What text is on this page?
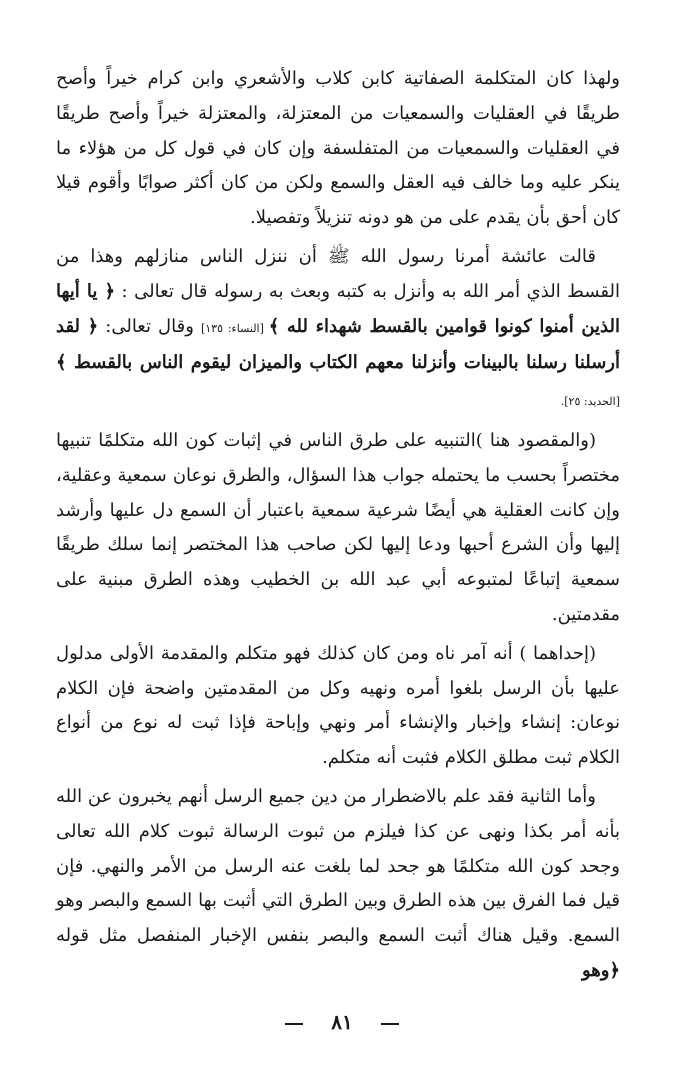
ولهذا كان المتكلمة الصفاتية كابن كلاب والأشعري وابن كرام خيراً وأصح طريقًا في العقليات والسمعيات من المعتزلة، والمعتزلة خيراً وأصح طريقًا في العقليات والسمعيات من المتفلسفة وإن كان في قول كل من هؤلاء ما ينكر عليه وما خالف فيه العقل والسمع ولكن من كان أكثر صوابًا وأقوم قيلا كان أحق بأن يقدم على من هو دونه تنزيلاً وتفصيلا.

قالت عائشة أمرنا رسول الله ﷺ أن ننزل الناس منازلهم وهذا من القسط الذي أمر الله به وأنزل به كتبه وبعث به رسوله قال تعالى : ﴿ يا أيها الذين أمنوا كونوا قوامين بالقسط شهداء لله ﴾ [النساء: ١٣٥] وقال تعالى: ﴿ لقد أرسلنا رسلنا بالبينات وأنزلنا معهم الكتاب والميزان ليقوم الناس بالقسط ﴾ [الحديد: ٢٥].

(والمقصود هنا )التنبيه على طرق الناس في إثبات كون الله متكلمًا تنبيها مختصراً بحسب ما يحتمله جواب هذا السؤال، والطرق نوعان سمعية وعقلية، وإن كانت العقلية هي أيضًا شرعية سمعية باعتبار أن السمع دل عليها وأرشد إليها وأن الشرع أحبها ودعا إليها لكن صاحب هذا المختصر إنما سلك طريقًا سمعية إتباعًا لمتبوعه أبي عبد الله بن الخطيب وهذه الطرق مبنية على مقدمتين.

(إحداهما ) أنه آمر ناه ومن كان كذلك فهو متكلم والمقدمة الأولى مدلول عليها بأن الرسل بلغوا أمره ونهيه وكل من المقدمتين واضحة فإن الكلام نوعان: إنشاء وإخبار والإنشاء أمر ونهي وإباحة فإذا ثبت له نوع من أنواع الكلام ثبت مطلق الكلام فثبت أنه متكلم.

وأما الثانية فقد علم بالاضطرار من دين جميع الرسل أنهم يخبرون عن الله بأنه أمر بكذا ونهى عن كذا فيلزم من ثبوت الرسالة ثبوت كلام الله تعالى وجحد كون الله متكلمًا هو جحد لما بلغت عنه الرسل من الأمر والنهي. فإن قيل فما الفرق بين هذه الطرق وبين الطرق التي أثبت بها السمع والبصر وهو السمع. وقيل هناك أثبت السمع والبصر بنفس الإخبار المنفصل مثل قوله ﴿وهو

٨١
